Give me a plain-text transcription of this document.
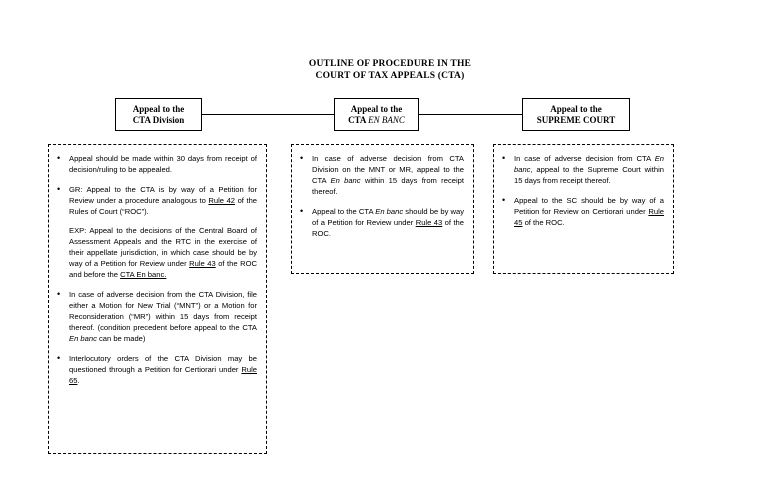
OUTLINE OF PROCEDURE IN THE
COURT OF TAX APPEALS (CTA)
Appeal to the
CTA Division
Appeal to the
CTA EN BANC
Appeal to the
SUPREME COURT
• Appeal should be made within 30 days from receipt of decision/ruling to be appealed.
• GR: Appeal to the CTA is by way of a Petition for Review under a procedure analogous to Rule 42 of the Rules of Court (“ROC”).

EXP: Appeal to the decisions of the Central Board of Assessment Appeals and the RTC in the exercise of their appellate jurisdiction, in which case should be by way of a Petition for Review under Rule 43 of the ROC and before the CTA En banc.

• In case of adverse decision from the CTA Division, file either a Motion for New Trial (“MNT”) or a Motion for Reconsideration (“MR”) within 15 days from receipt thereof. (condition precedent before appeal to the CTA En banc can be made)
• Interlocutory orders of the CTA Division may be questioned through a Petition for Certiorari under Rule 65.
• In case of adverse decision from CTA Division on the MNT or MR, appeal to the CTA En banc within 15 days from receipt thereof.
• Appeal to the CTA En banc should be by way of a Petition for Review under Rule 43 of the ROC.
• In case of adverse decision from CTA En banc, appeal to the Supreme Court within 15 days from receipt thereof.
• Appeal to the SC should be by way of a Petition for Review on Certiorari under Rule 45 of the ROC.
